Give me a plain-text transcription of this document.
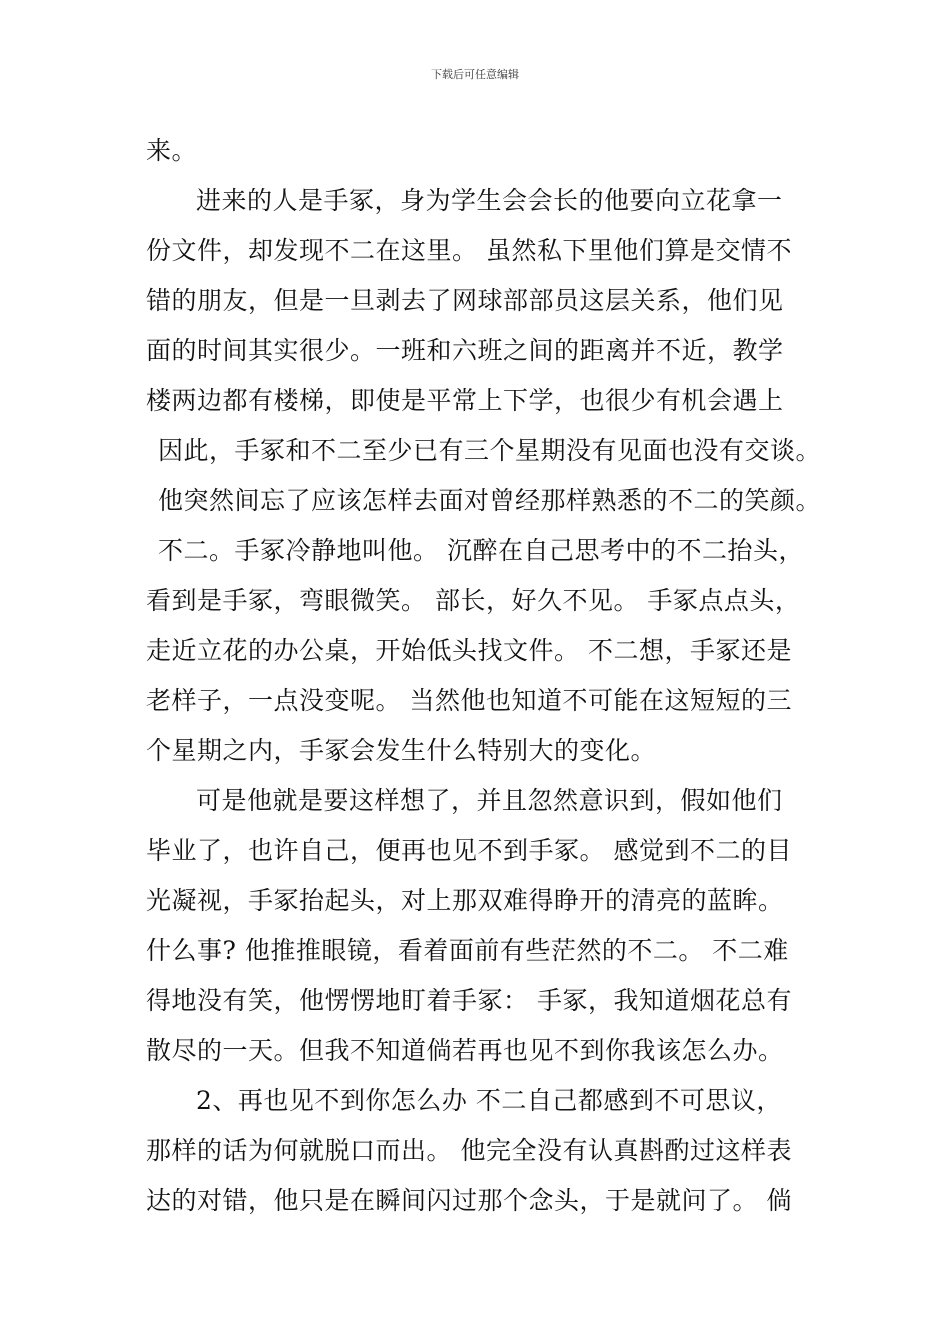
下载后可任意编辑
来。
进来的人是手冢，身为学生会会长的他要向立花拿一
份文件，却发现不二在这里。 虽然私下里他们算是交情不
错的朋友，但是一旦剥去了网球部部员这层关系，他们见
面的时间其实很少。一班和六班之间的距离并不近，教学
楼两边都有楼梯，即使是平常上下学，也很少有机会遇上
因此，手冢和不二至少已有三个星期没有见面也没有交谈。
他突然间忘了应该怎样去面对曾经那样熟悉的不二的笑颜。
不二。手冢冷静地叫他。 沉醉在自己思考中的不二抬头，
看到是手冢，弯眼微笑。 部长，好久不见。 手冢点点头，
走近立花的办公桌，开始低头找文件。 不二想，手冢还是
老样子，一点没变呢。 当然他也知道不可能在这短短的三
个星期之内，手冢会发生什么特别大的变化。
可是他就是要这样想了，并且忽然意识到，假如他们
毕业了，也许自己，便再也见不到手冢。 感觉到不二的目
光凝视，手冢抬起头，对上那双难得睁开的清亮的蓝眸。
什么事? 他推推眼镜，看着面前有些茫然的不二。 不二难
得地没有笑，他愣愣地盯着手冢： 手冢，我知道烟花总有
散尽的一天。但我不知道倘若再也见不到你我该怎么办。
2、再也见不到你怎么办 不二自己都感到不可思议，
那样的话为何就脱口而出。 他完全没有认真斟酌过这样表
达的对错，他只是在瞬间闪过那个念头，于是就问了。 倘
